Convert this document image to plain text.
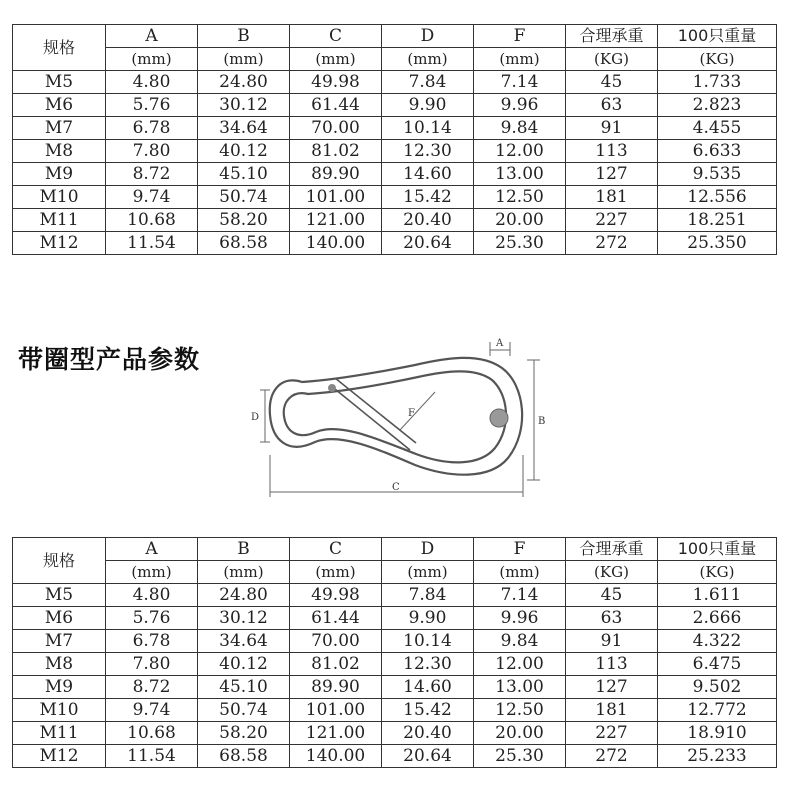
规格	A	B	C	D	F	合理承重	100只重量
	(mm)	(mm)	(mm)	(mm)	(mm)	(KG)	(KG)
M5	4.80	24.80	49.98	7.84	7.14	45	1.733
M6	5.76	30.12	61.44	9.90	9.96	63	2.823
M7	6.78	34.64	70.00	10.14	9.84	91	4.455
M8	7.80	40.12	81.02	12.30	12.00	113	6.633
M9	8.72	45.10	89.90	14.60	13.00	127	9.535
M10	9.74	50.74	101.00	15.42	12.50	181	12.556
M11	10.68	58.20	121.00	20.40	20.00	227	18.251
M12	11.54	68.58	140.00	20.64	25.30	272	25.350
带圈型产品参数
D
C
B
A
F
规格	A	B	C	D	F	合理承重	100只重量
	(mm)	(mm)	(mm)	(mm)	(mm)	(KG)	(KG)
M5	4.80	24.80	49.98	7.84	7.14	45	1.611
M6	5.76	30.12	61.44	9.90	9.96	63	2.666
M7	6.78	34.64	70.00	10.14	9.84	91	4.322
M8	7.80	40.12	81.02	12.30	12.00	113	6.475
M9	8.72	45.10	89.90	14.60	13.00	127	9.502
M10	9.74	50.74	101.00	15.42	12.50	181	12.772
M11	10.68	58.20	121.00	20.40	20.00	227	18.910
M12	11.54	68.58	140.00	20.64	25.30	272	25.233
